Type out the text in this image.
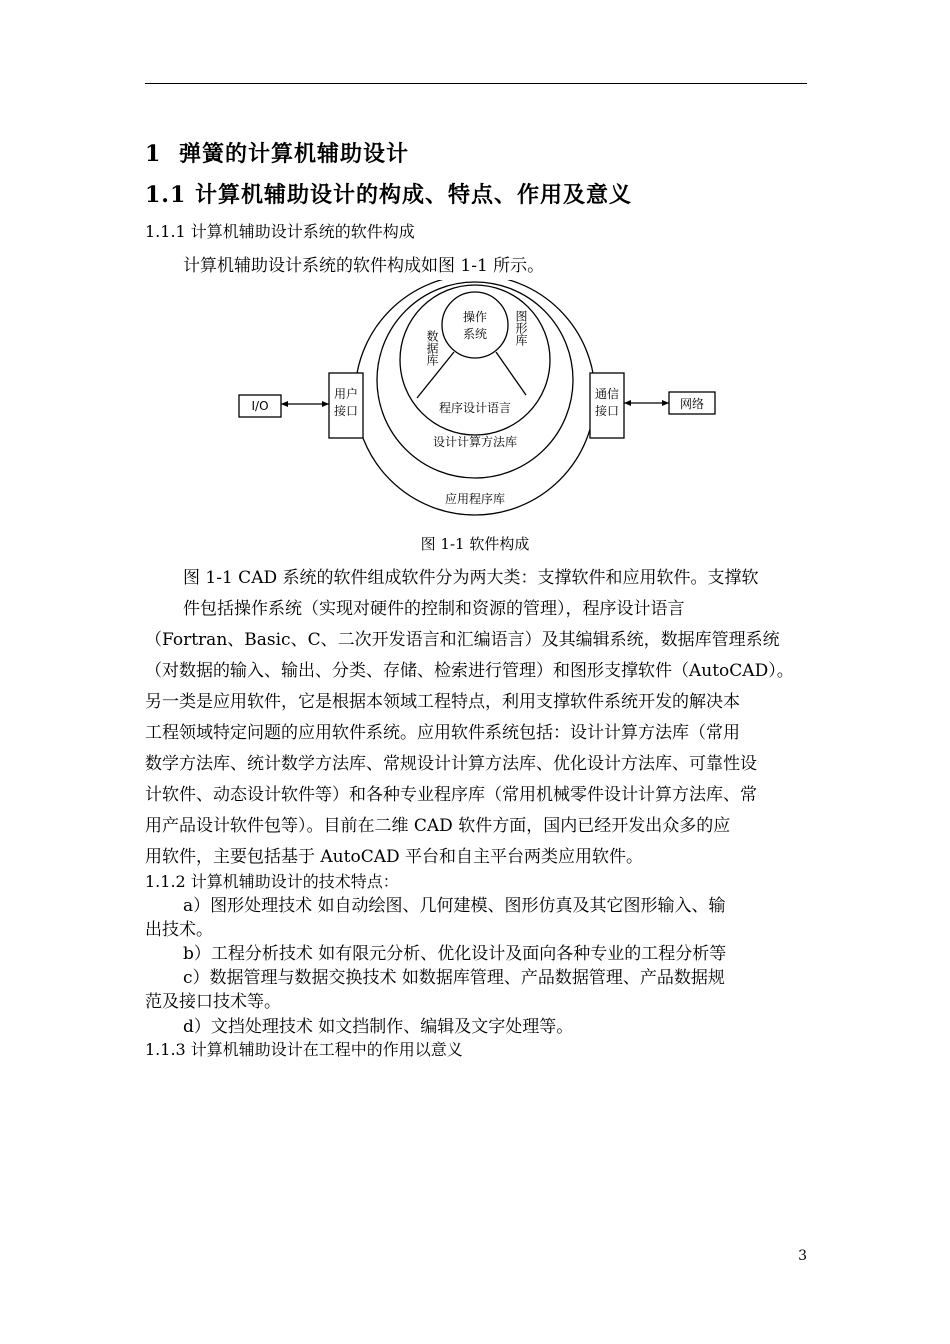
1 弹簧的计算机辅助设计
1.1 计算机辅助设计的构成、特点、作用及意义
1.1.1 计算机辅助设计系统的软件构成
计算机辅助设计系统的软件构成如图 1-1 所示。
操作
系统
数据库
图形库
程序设计语言
设计计算方法库
应用程序库
用户
接口
通信
接口
I/O	网络
图 1-1 软件构成
图 1-1 CAD 系统的软件组成软件分为两大类：支撑软件和应用软件。支撑软
件包括操作系统（实现对硬件的控制和资源的管理），程序设计语言
（Fortran、Basic、C、二次开发语言和汇编语言）及其编辑系统，数据库管理系统
（对数据的输入、输出、分类、存储、检索进行管理）和图形支撑软件（AutoCAD）。
另一类是应用软件，它是根据本领域工程特点，利用支撑软件系统开发的解决本
工程领域特定问题的应用软件系统。应用软件系统包括：设计计算方法库（常用
数学方法库、统计数学方法库、常规设计计算方法库、优化设计方法库、可靠性设
计软件、动态设计软件等）和各种专业程序库（常用机械零件设计计算方法库、常
用产品设计软件包等）。目前在二维 CAD 软件方面，国内已经开发出众多的应
用软件，主要包括基于 AutoCAD 平台和自主平台两类应用软件。
1.1.2 计算机辅助设计的技术特点：
a）图形处理技术 如自动绘图、几何建模、图形仿真及其它图形输入、输
出技术。
b）工程分析技术 如有限元分析、优化设计及面向各种专业的工程分析等
c）数据管理与数据交换技术 如数据库管理、产品数据管理、产品数据规
范及接口技术等。
d）文挡处理技术 如文挡制作、编辑及文字处理等。
1.1.3 计算机辅助设计在工程中的作用以意义
3
